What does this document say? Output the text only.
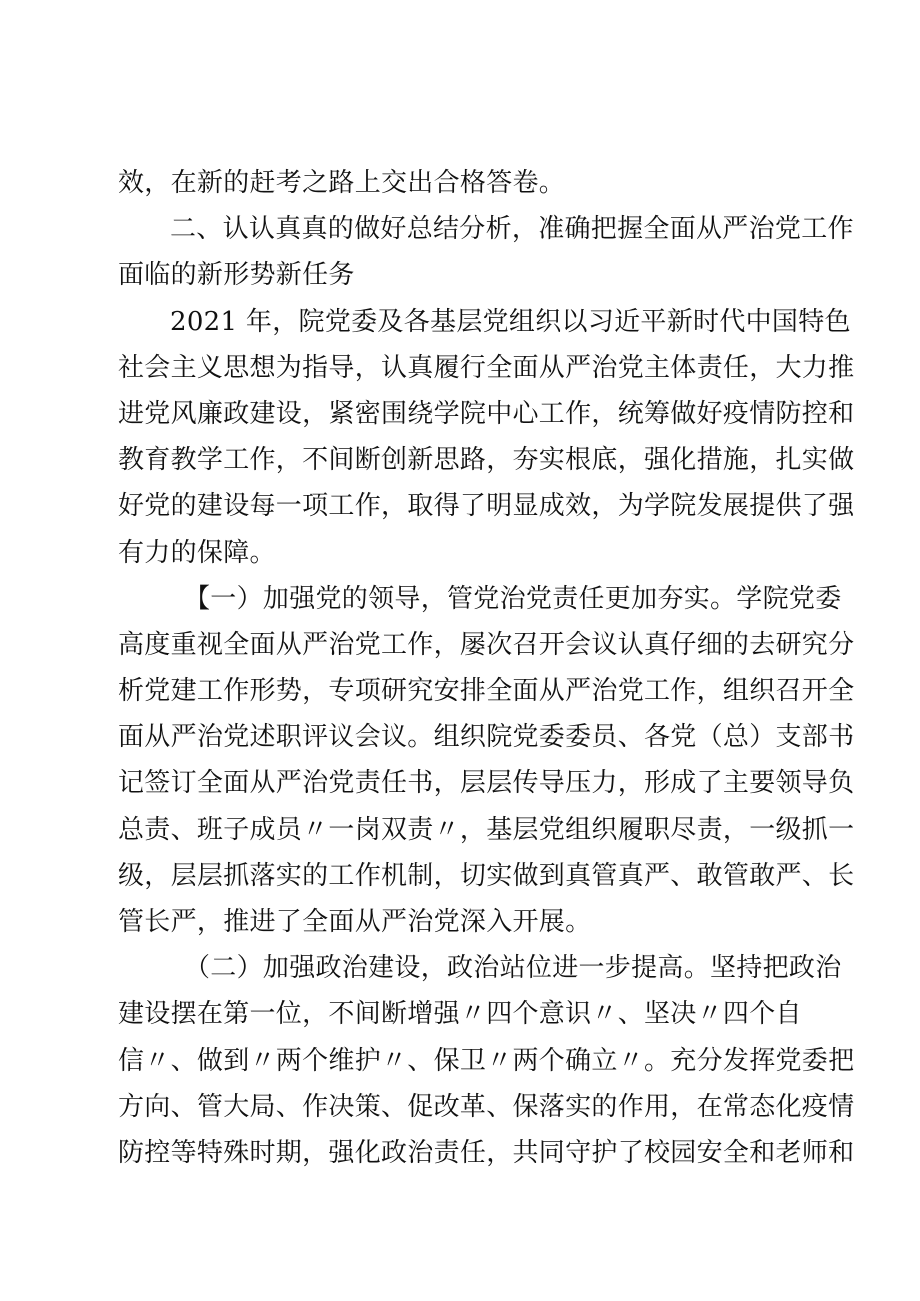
效，在新的赶考之路上交出合格答卷。
二、认认真真的做好总结分析，准确把握全面从严治党工作
面临的新形势新任务
2021 年，院党委及各基层党组织以习近平新时代中国特色
社会主义思想为指导，认真履行全面从严治党主体责任，大力推
进党风廉政建设，紧密围绕学院中心工作，统筹做好疫情防控和
教育教学工作，不间断创新思路，夯实根底，强化措施，扎实做
好党的建设每一项工作，取得了明显成效，为学院发展提供了强
有力的保障。
【一）加强党的领导，管党治党责任更加夯实。学院党委
高度重视全面从严治党工作，屡次召开会议认真仔细的去研究分
析党建工作形势，专项研究安排全面从严治党工作，组织召开全
面从严治党述职评议会议。组织院党委委员、各党（总）支部书
记签订全面从严治党责任书，层层传导压力，形成了主要领导负
总责、班子成员〃一岗双责〃，基层党组织履职尽责，一级抓一
级，层层抓落实的工作机制，切实做到真管真严、敢管敢严、长
管长严，推进了全面从严治党深入开展。
（二）加强政治建设，政治站位进一步提高。坚持把政治
建设摆在第一位，不间断增强〃四个意识〃、坚决〃四个自
信〃、做到〃两个维护〃、保卫〃两个确立〃。充分发挥党委把
方向、管大局、作决策、促改革、保落实的作用，在常态化疫情
防控等特殊时期，强化政治责任，共同守护了校园安全和老师和
